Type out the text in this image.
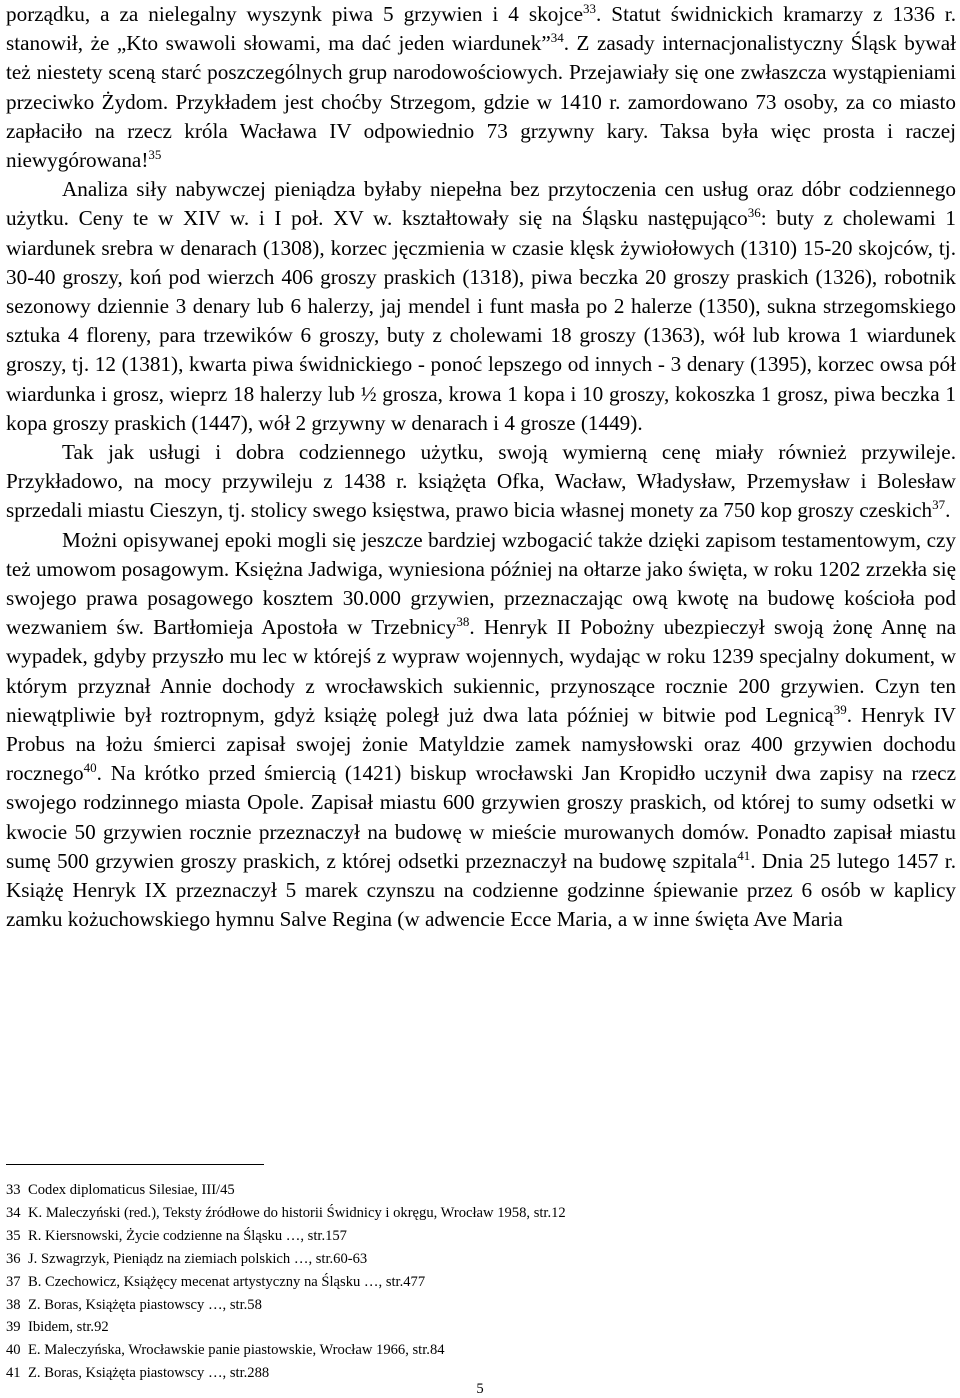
porządku, a za nielegalny wyszynk piwa 5 grzywien i 4 skojce$^{33}$. Statut świdnickich kramarzy z 1336 r. stanowił, że „Kto swawoli słowami, ma dać jeden wiardunek”$^{34}$. Z zasady internacjonalistyczny Śląsk bywał też niestety sceną starć poszczególnych grup narodowościowych. Przejawiały się one zwłaszcza wystąpieniami przeciwko Żydom. Przykładem jest choćby Strzegom, gdzie w 1410 r. zamordowano 73 osoby, za co miasto zapłaciło na rzecz króla Wacława IV odpowiednio 73 grzywny kary. Taksa była więc prosta i raczej niewygórowana!$^{35}$

Analiza siły nabywczej pieniądza byłaby niepełna bez przytoczenia cen usług oraz dóbr codziennego użytku. Ceny te w XIV w. i I poł. XV w. kształtowały się na Śląsku następująco$^{36}$: buty z cholewami 1 wiardunek srebra w denarach (1308), korzec jęczmienia w czasie klęsk żywiołowych (1310) 15-20 skojców, tj. 30-40 groszy, koń pod wierzch 406 groszy praskich (1318), piwa beczka 20 groszy praskich (1326), robotnik sezonowy dziennie 3 denary lub 6 halerzy, jaj mendel i funt masła po 2 halerze (1350), sukna strzegomskiego sztuka 4 floreny, para trzewików 6 groszy, buty z cholewami 18 groszy (1363), wół lub krowa 1 wiardunek groszy, tj. 12 (1381), kwarta piwa świdnickiego - ponoć lepszego od innych - 3 denary (1395), korzec owsa pół wiardunka i grosz, wieprz 18 halerzy lub ½ grosza, krowa 1 kopa i 10 groszy, kokoszka 1 grosz, piwa beczka 1 kopa groszy praskich (1447), wół 2 grzywny w denarach i 4 grosze (1449).

Tak jak usługi i dobra codziennego użytku, swoją wymierną cenę miały również przywileje. Przykładowo, na mocy przywileju z 1438 r. książęta Ofka, Wacław, Władysław, Przemysław i Bolesław sprzedali miastu Cieszyn, tj. stolicy swego księstwa, prawo bicia własnej monety za 750 kop groszy czeskich$^{37}$.

Możni opisywanej epoki mogli się jeszcze bardziej wzbogacić także dzięki zapisom testamentowym, czy też umowom posagowym. Księżna Jadwiga, wyniesiona później na ołtarze jako święta, w roku 1202 zrzekła się swojego prawa posagowego kosztem 30.000 grzywien, przeznaczając ową kwotę na budowę kościoła pod wezwaniem św. Bartłomieja Apostoła w Trzebnicy$^{38}$. Henryk II Pobożny ubezpieczył swoją żonę Annę na wypadek, gdyby przyszło mu lec w którejś z wypraw wojennych, wydając w roku 1239 specjalny dokument, w którym przyznał Annie dochody z wrocławskich sukiennic, przynoszące rocznie 200 grzywien. Czyn ten niewątpliwie był roztropnym, gdyż książę poległ już dwa lata później w bitwie pod Legnicą$^{39}$. Henryk IV Probus na łożu śmierci zapisał swojej żonie Matyldzie zamek namysłowski oraz 400 grzywien dochodu rocznego$^{40}$. Na krótko przed śmiercią (1421) biskup wrocławski Jan Kropidło uczynił dwa zapisy na rzecz swojego rodzinnego miasta Opole. Zapisał miastu 600 grzywien groszy praskich, od której to sumy odsetki w kwocie 50 grzywien rocznie przeznaczył na budowę w mieście murowanych domów. Ponadto zapisał miastu sumę 500 grzywien groszy praskich, z której odsetki przeznaczył na budowę szpitala$^{41}$. Dnia 25 lutego 1457 r. Książę Henryk IX przeznaczył 5 marek czynszu na codzienne godzinne śpiewanie przez 6 osób w kaplicy zamku kożuchowskiego hymnu Salve Regina (w adwencie Ecce Maria, a w inne święta Ave Maria

33 Codex diplomaticus Silesiae, III/45
34 K. Maleczyński (red.), Teksty źródłowe do historii Świdnicy i okręgu, Wrocław 1958, str.12
35 R. Kiersnowski, Życie codzienne na Śląsku …, str.157
36 J. Szwagrzyk, Pieniądz na ziemiach polskich …, str.60-63
37 B. Czechowicz, Książęcy mecenat artystyczny na Śląsku …, str.477
38 Z. Boras, Książęta piastowscy …, str.58
39 Ibidem, str.92
40 E. Maleczyńska, Wrocławskie panie piastowskie, Wrocław 1966, str.84
41 Z. Boras, Książęta piastowscy …, str.288
5
